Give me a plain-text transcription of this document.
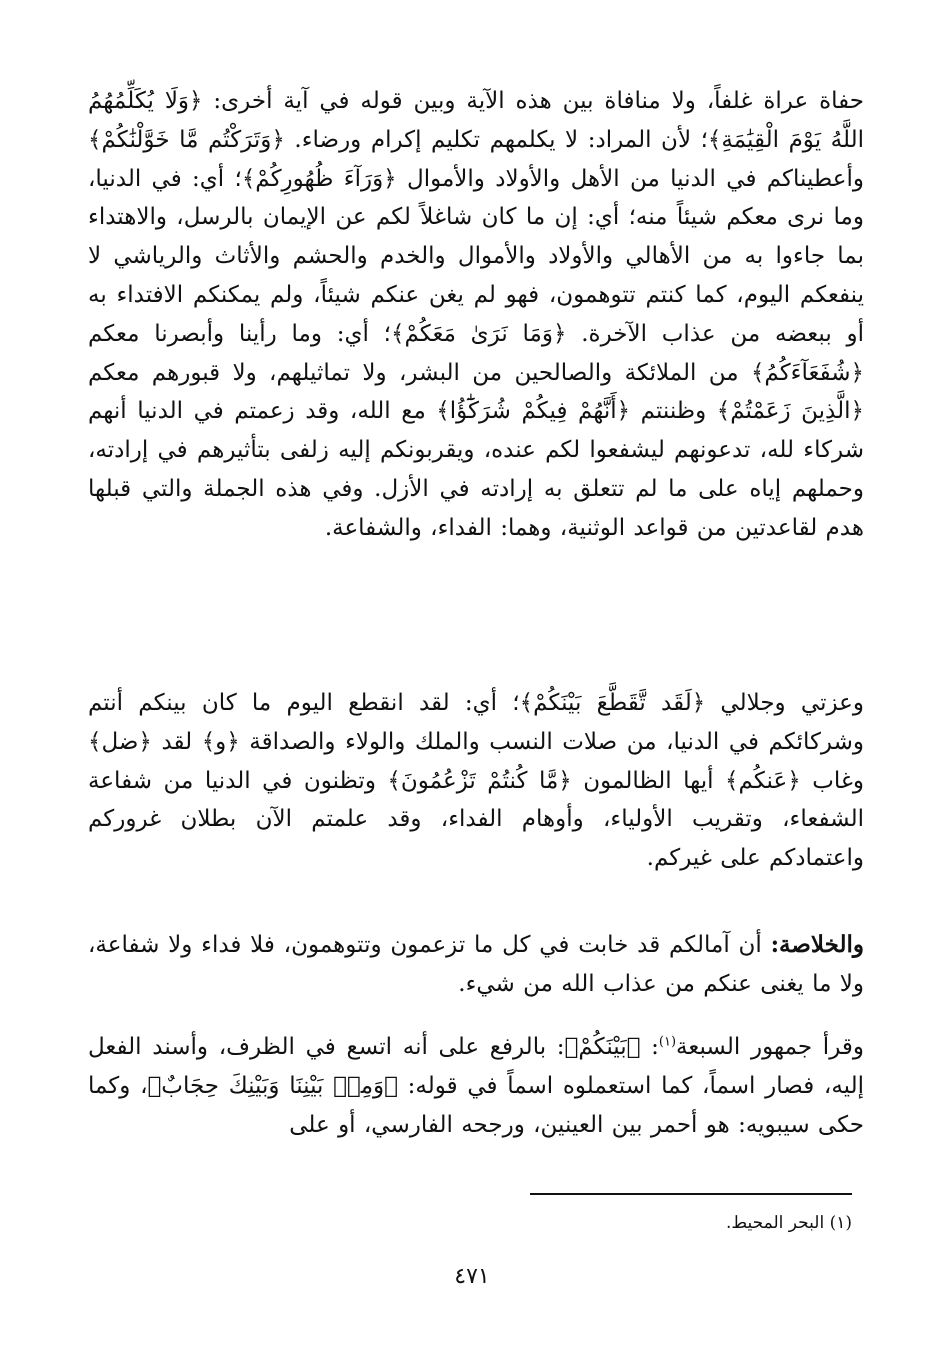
حفاة عراة غلفاً، ولا منافاة بين هذه الآية وبين قوله في آية أخرى: ﴿وَلَا يُكَلِّمُهُمُ اللَّهُ يَوْمَ الْقِيَٰمَةِ﴾؛ لأن المراد: لا يكلمهم تكليم إكرام ورضاء. ﴿وَتَرَكْتُم مَّا خَوَّلْنَٰكُمْ﴾ وأعطيناكم في الدنيا من الأهل والأولاد والأموال ﴿وَرَآءَ ظُهُورِكُمْ﴾؛ أي: في الدنيا، وما نرى معكم شيئاً منه؛ أي: إن ما كان شاغلاً لكم عن الإيمان بالرسل، والاهتداء بما جاءوا به من الأهالي والأولاد والأموال والخدم والحشم والأثاث والرياشي لا ينفعكم اليوم، كما كنتم تتوهمون، فهو لم يغن عنكم شيئاً، ولم يمكنكم الافتداء به أو ببعضه من عذاب الآخرة. ﴿وَمَا نَرَىٰ مَعَكُمْ﴾؛ أي: وما رأينا وأبصرنا معكم ﴿شُفَعَآءَكُمُ﴾ من الملائكة والصالحين من البشر، ولا تماثيلهم، ولا قبورهم معكم ﴿الَّذِينَ زَعَمْتُمْ﴾ وظننتم ﴿أَنَّهُمْ فِيكُمْ شُرَكَٰٓؤُا﴾ مع الله، وقد زعمتم في الدنيا أنهم شركاء لله، تدعونهم ليشفعوا لكم عنده، ويقربونكم إليه زلفى بتأثيرهم في إرادته، وحملهم إياه على ما لم تتعلق به إرادته في الأزل. وفي هذه الجملة والتي قبلها هدم لقاعدتين من قواعد الوثنية، وهما: الفداء، والشفاعة.

وعزتي وجلالي ﴿لَقَد تَّقَطَّعَ بَيْنَكُمْ﴾؛ أي: لقد انقطع اليوم ما كان بينكم أنتم وشركائكم في الدنيا، من صلات النسب والملك والولاء والصداقة ﴿و﴾ لقد ﴿ضل﴾ وغاب ﴿عَنكُم﴾ أيها الظالمون ﴿مَّا كُنتُمْ تَزْعُمُونَ﴾ وتظنون في الدنيا من شفاعة الشفعاء، وتقريب الأولياء، وأوهام الفداء، وقد علمتم الآن بطلان غروركم واعتمادكم على غيركم.

والخلاصة: أن آمالكم قد خابت في كل ما تزعمون وتتوهمون، فلا فداء ولا شفاعة، ولا ما يغنى عنكم من عذاب الله من شيء.

وقرأ جمهور السبعة$^{(١)}$: ﴿بَيْنَكُمْ﴾: بالرفع على أنه اتسع في الظرف، وأسند الفعل إليه، فصار اسماً، كما استعملوه اسماً في قوله: ﴿وَمِنۢ بَيْنِنَا وَبَيْنِكَ حِجَابٌ﴾، وكما حكى سيبويه: هو أحمر بين العينين، ورجحه الفارسي، أو على

(١) البحر المحيط.
٤٧١
